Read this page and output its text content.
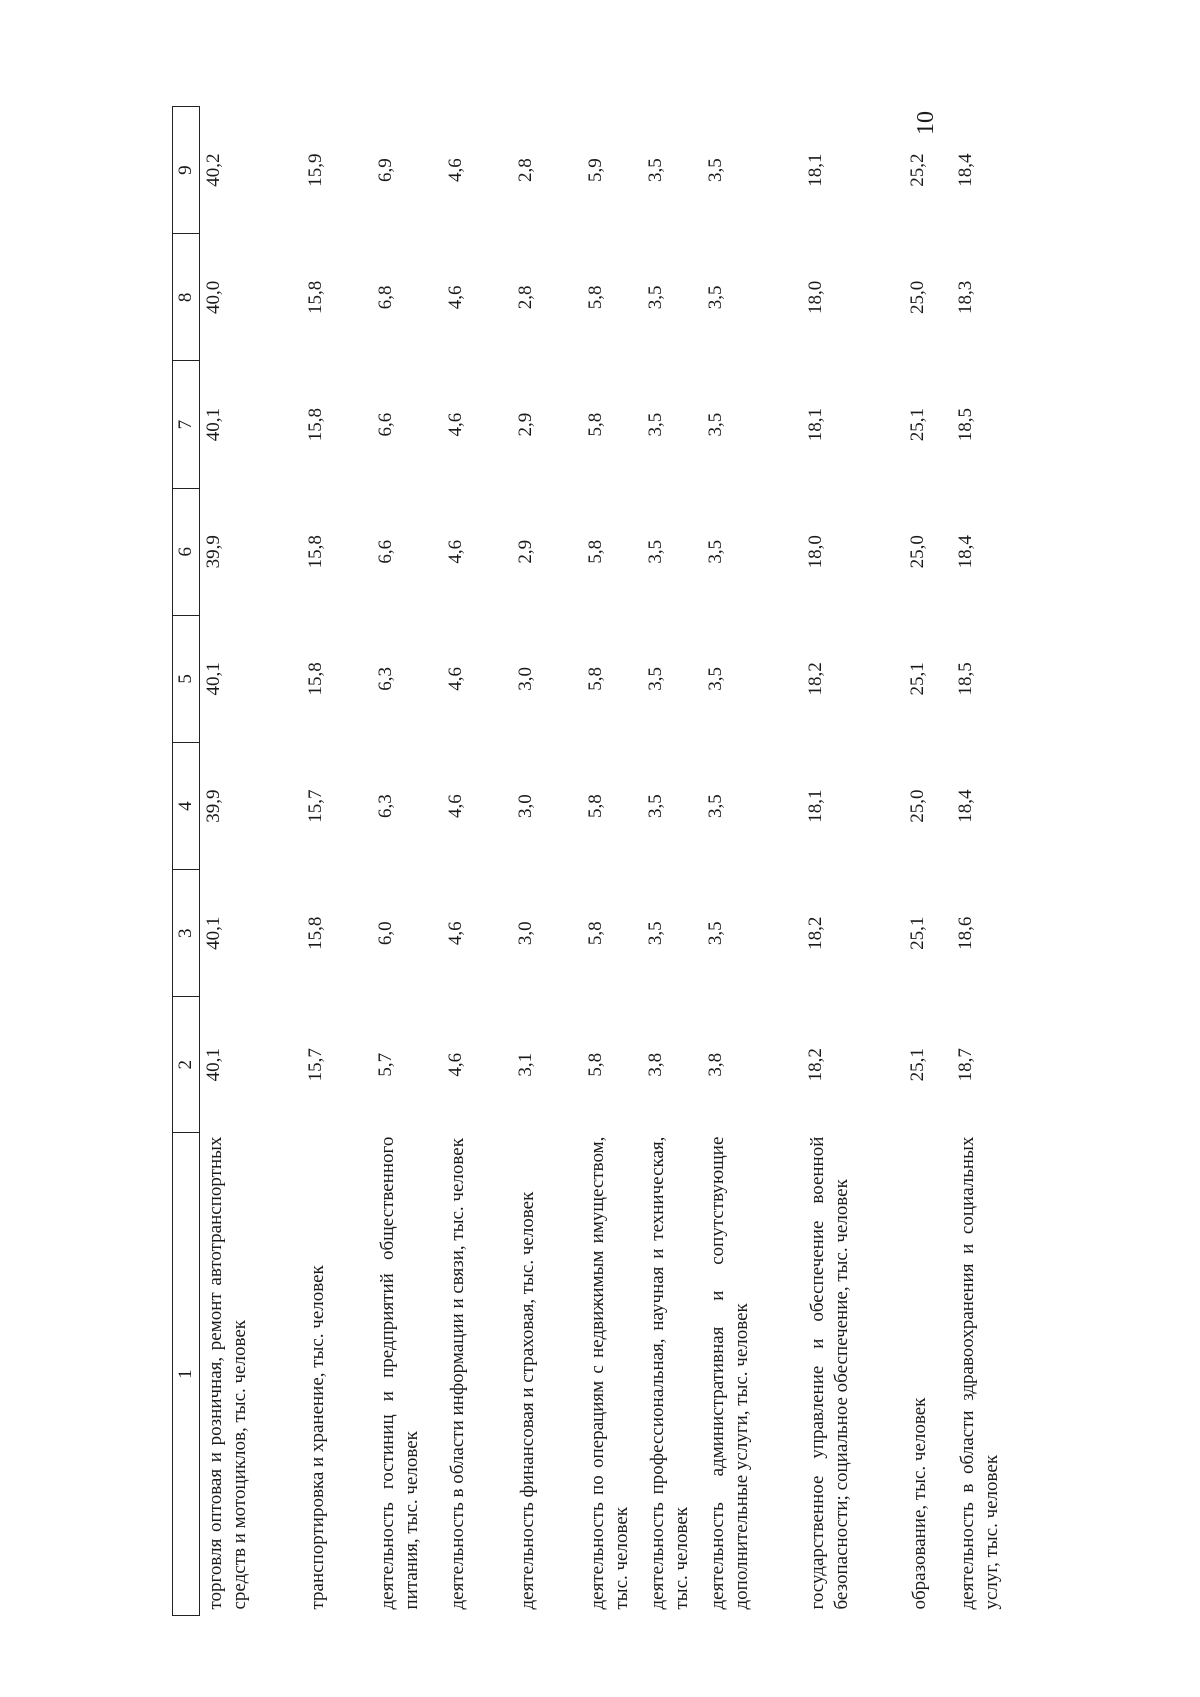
10
1	2	3	4	5	6	7	8	9
торговля оптовая и розничная, ремонт автотранспортных средств и мотоциклов, тыс. человек	40,1	40,1	39,9	40,1	39,9	40,1	40,0	40,2
транспортировка и хранение, тыс. человек	15,7	15,8	15,7	15,8	15,8	15,8	15,8	15,9
деятельность гостиниц и предприятий общественного питания, тыс. человек	5,7	6,0	6,3	6,3	6,6	6,6	6,8	6,9
деятельность в области информации и связи, тыс. человек	4,6	4,6	4,6	4,6	4,6	4,6	4,6	4,6
деятельность финансовая и страховая, тыс. человек	3,1	3,0	3,0	3,0	2,9	2,9	2,8	2,8
деятельность по операциям с недвижимым имуществом, тыс. человек	5,8	5,8	5,8	5,8	5,8	5,8	5,8	5,9
деятельность профессиональная, научная и техническая, тыс. человек	3,8	3,5	3,5	3,5	3,5	3,5	3,5	3,5
деятельность административная и сопутствующие дополнительные услуги, тыс. человек	3,8	3,5	3,5	3,5	3,5	3,5	3,5	3,5
государственное управление и обеспечение военной безопасности; социальное обеспечение, тыс. человек	18,2	18,2	18,1	18,2	18,0	18,1	18,0	18,1
образование, тыс. человек	25,1	25,1	25,0	25,1	25,0	25,1	25,0	25,2
деятельность в области здравоохранения и социальных услуг, тыс. человек	18,7	18,6	18,4	18,5	18,4	18,5	18,3	18,4
